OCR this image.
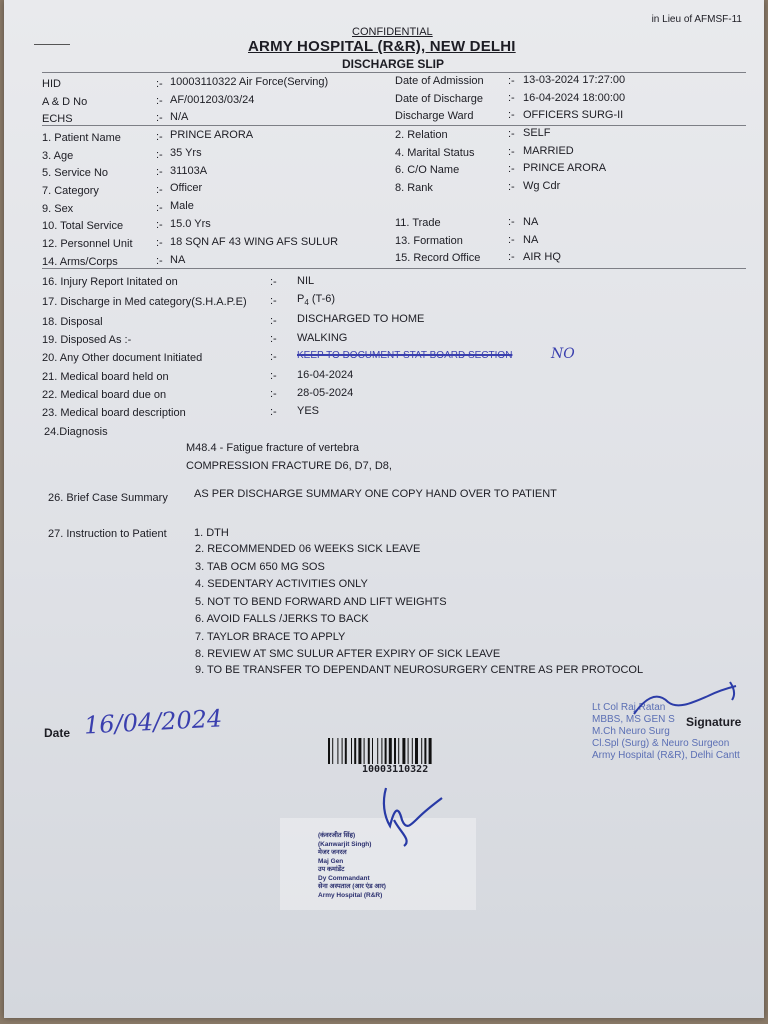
in Lieu of AFMSF-11
CONFIDENTIAL
ARMY HOSPITAL (R&R), NEW DELHI
DISCHARGE SLIP
HID	:- 10003110322 Air Force(Serving)
A & D No	:- AF/001203/03/24
ECHS	:- N/A
Date of Admission :- 13-03-2024 17:27:00
Date of Discharge :- 16-04-2024 18:00:00
Discharge Ward	:- OFFICERS SURG-II
1. Patient Name	:- PRINCE ARORA
3. Age	:- 35 Yrs
5. Service No	:- 31103A
7. Category	:- Officer
9. Sex	:- Male
10. Total Service	:- 15.0 Yrs
12. Personnel Unit :- 18 SQN AF 43 WING AFS SULUR
14. Arms/Corps	:- NA
2. Relation	:- SELF
4. Marital Status	:- MARRIED
6. C/O Name	:- PRINCE ARORA
8. Rank	:- Wg Cdr
11. Trade	:- NA
13. Formation	:- NA
15. Record Office	:- AIR HQ
16. Injury Report Initated on	:- NIL
17. Discharge in Med category(S.H.A.P.E) :- $P_4$ (T-6)
18. Disposal	:- DISCHARGED TO HOME
19. Disposed As :-	:- WALKING
20. Any Other document Initiated	:- KEEP TO DOCUMENT STAT BOARD SECTION	NO
21. Medical board held on	:- 16-04-2024
22. Medical board due on	:- 28-05-2024
23. Medical board description	:- YES
24.Diagnosis
M48.4 - Fatigue fracture of vertebra
COMPRESSION FRACTURE D6, D7, D8,
26. Brief Case Summary AS PER DISCHARGE SUMMARY ONE COPY HAND OVER TO PATIENT
27. Instruction to Patient 1. DTH
2. RECOMMENDED 06 WEEKS SICK LEAVE
3. TAB OCM 650 MG SOS
4. SEDENTARY ACTIVITIES ONLY
5. NOT TO BEND FORWARD AND LIFT WEIGHTS
6. AVOID FALLS /JERKS TO BACK
7. TAYLOR BRACE TO APPLY
8. REVIEW AT SMC SULUR AFTER EXPIRY OF SICK LEAVE
9. TO BE TRANSFER TO DEPENDANT NEUROSURGERY CENTRE AS PER PROTOCOL
Date 16/04/2024
10003110322
Lt Col Raj Ratan
MBBS, MS GEN S
M.Ch Neuro Surg
Cl.Spl (Surg) & Neuro Surgeon
Army Hospital (R&R), Delhi Cantt
Signature
(कंवरजीत सिंह)
(Kanwarjit Singh)
मेजर जनरल
Maj Gen
उप कमांडेंट
Dy Commandant
सेना अस्पताल (आर एंड आर)
Army Hospital (R&R)
